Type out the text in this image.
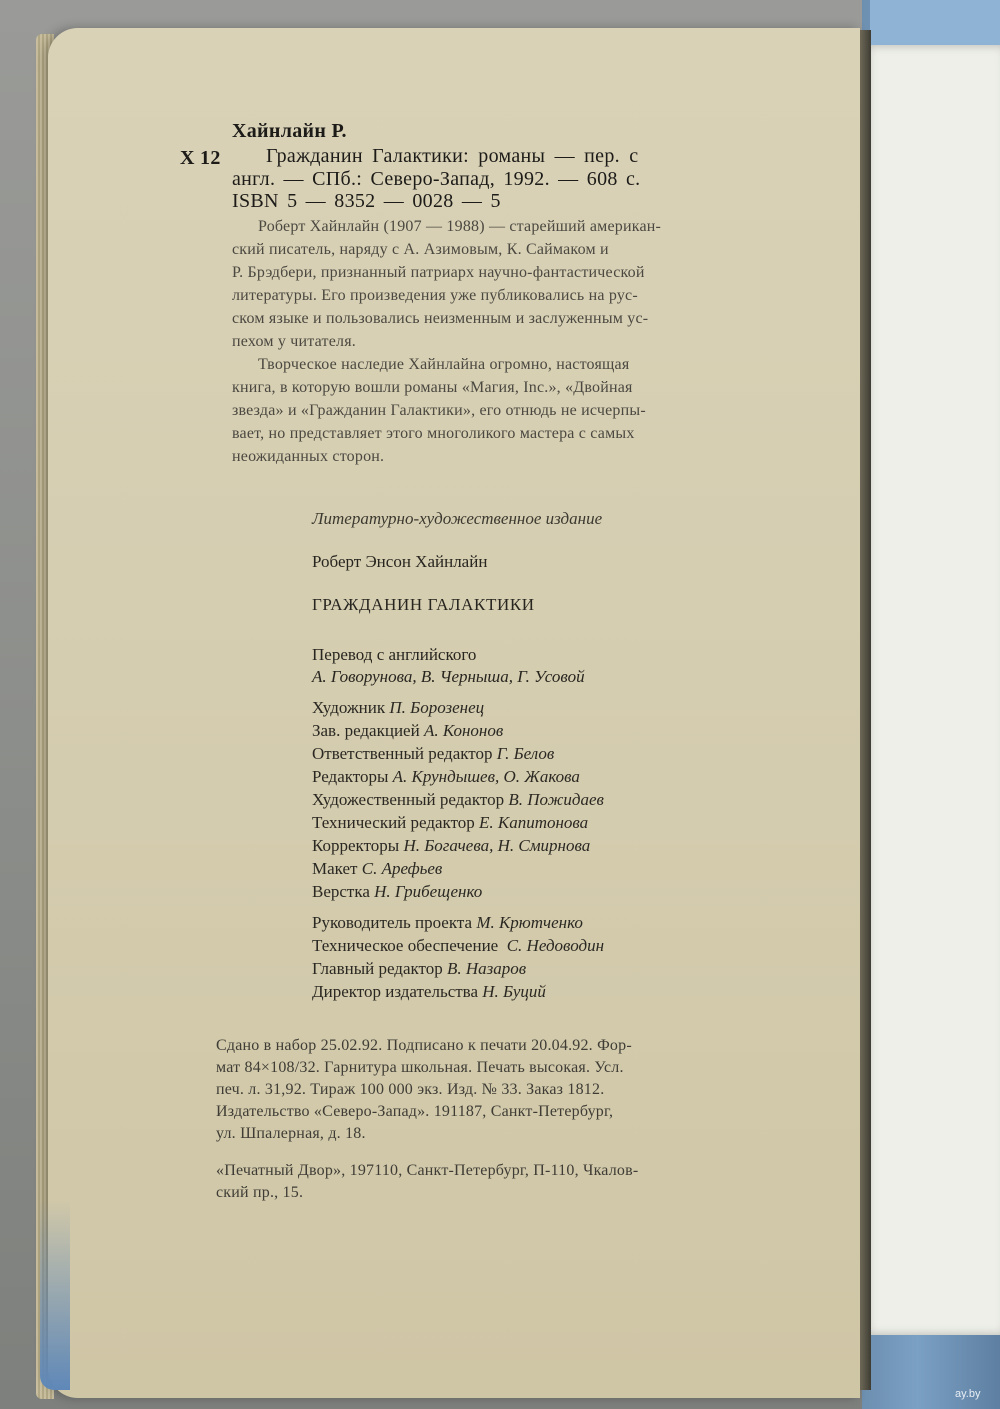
Хайнлайн Р.
Х 12 Гражданин Галактики: романы — пер. с
англ. — СПб.: Северо-Запад, 1992. — 608 с.
ISBN 5 — 8352 — 0028 — 5
Роберт Хайнлайн (1907 — 1988) — старейший американ-
ский писатель, наряду с А. Азимовым, К. Саймаком и
Р. Брэдбери, признанный патриарх научно-фантастической
литературы. Его произведения уже публиковались на рус-
ском языке и пользовались неизменным и заслуженным ус-
пехом у читателя.
Творческое наследие Хайнлайна огромно, настоящая
книга, в которую вошли романы «Магия, Inc.», «Двойная
звезда» и «Гражданин Галактики», его отнюдь не исчерпы-
вает, но представляет этого многоликого мастера с самых
неожиданных сторон.
Литературно-художественное издание
Роберт Энсон Хайнлайн
ГРАЖДАНИН ГАЛАКТИКИ
Перевод с английского
А. Говорунова, В. Черныша, Г. Усовой
Художник П. Борозенец
Зав. редакцией А. Кононов
Ответственный редактор Г. Белов
Редакторы А. Крундышев, О. Жакова
Художественный редактор В. Пожидаев
Технический редактор Е. Капитонова
Корректоры Н. Богачева, Н. Смирнова
Макет С. Арефьев
Верстка Н. Грибещенко
Руководитель проекта М. Крютченко
Техническое обеспечение С. Недоводин
Главный редактор В. Назаров
Директор издательства Н. Буций
Сдано в набор 25.02.92. Подписано к печати 20.04.92. Фор-
мат 84×108/32. Гарнитура школьная. Печать высокая. Усл.
печ. л. 31,92. Тираж 100 000 экз. Изд. № 33. Заказ 1812.
Издательство «Северо-Запад». 191187, Санкт-Петербург,
ул. Шпалерная, д. 18.
«Печатный Двор», 197110, Санкт-Петербург, П-110, Чкалов-
ский пр., 15.
ay.by
